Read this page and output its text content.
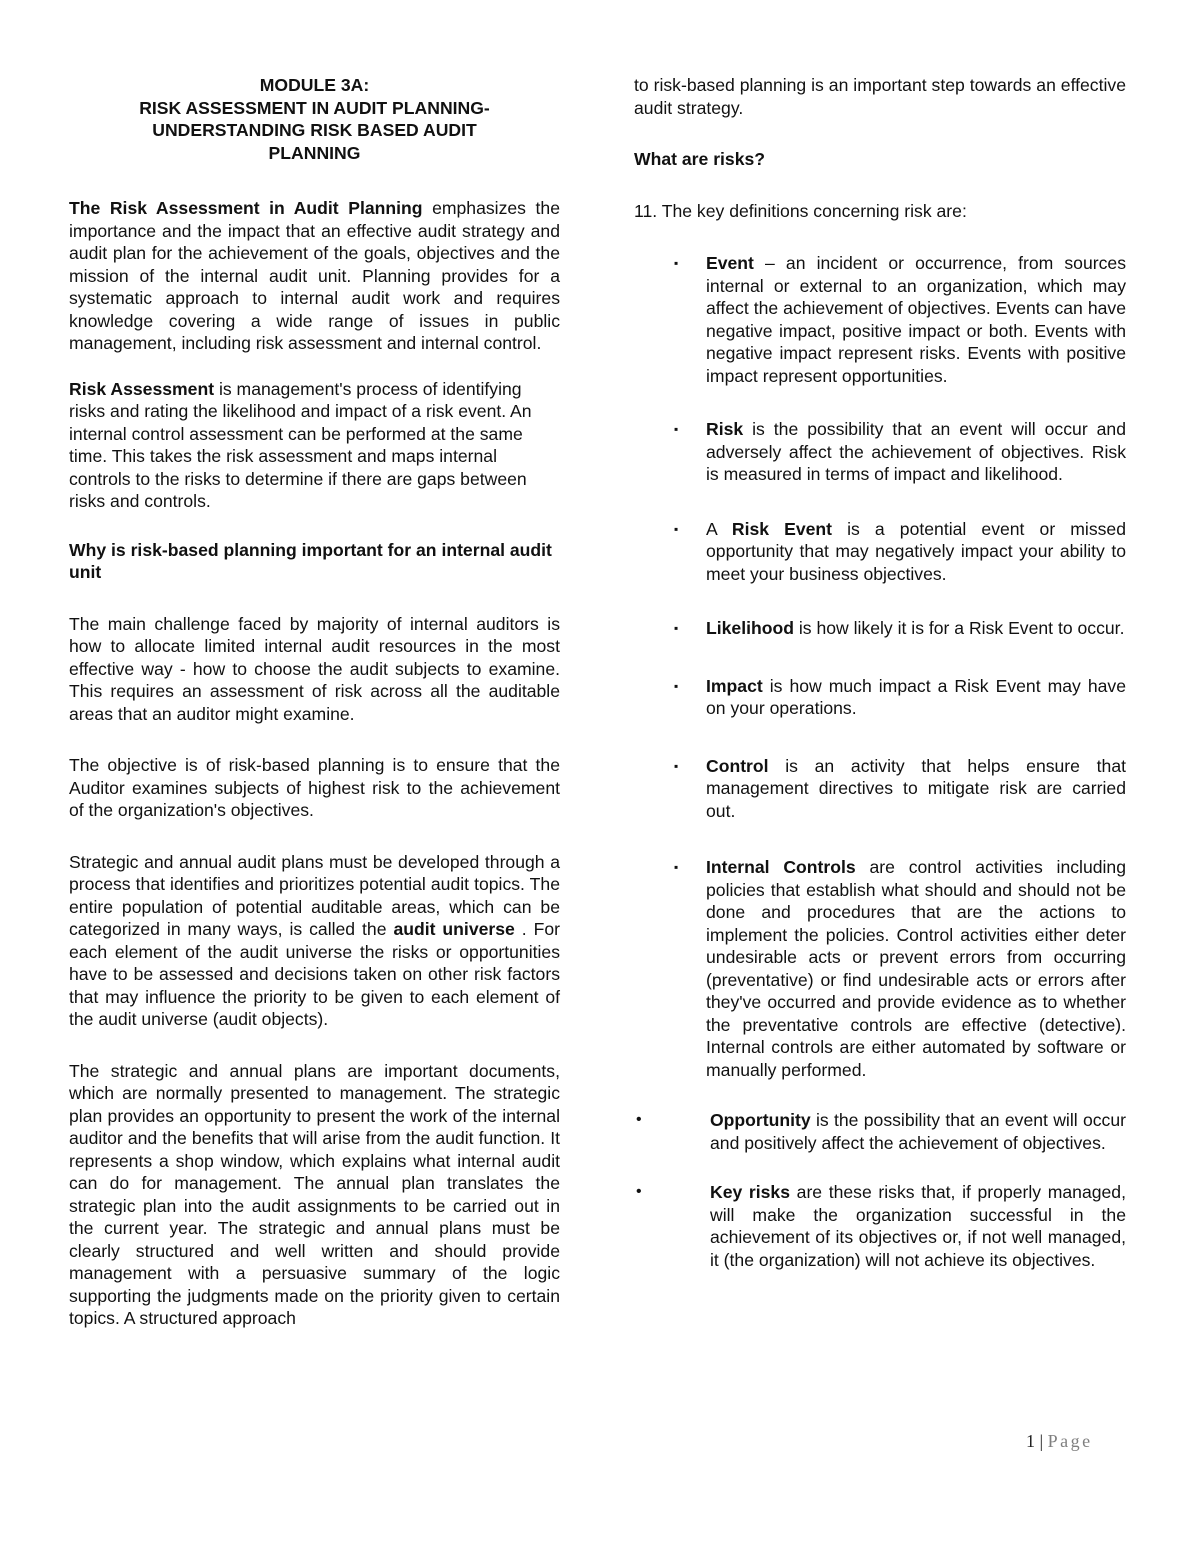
MODULE 3A:
RISK ASSESSMENT IN AUDIT PLANNING-
UNDERSTANDING RISK BASED AUDIT
PLANNING

The Risk Assessment in Audit Planning emphasizes the importance and the impact that an effective audit strategy and audit plan for the achievement of the goals, objectives and the mission of the internal audit unit. Planning provides for a systematic approach to internal audit work and requires knowledge covering a wide range of issues in public management, including risk assessment and internal control.

Risk Assessment is management's process of identifying risks and rating the likelihood and impact of a risk event. An internal control assessment can be performed at the same time. This takes the risk assessment and maps internal controls to the risks to determine if there are gaps between risks and controls.

Why is risk-based planning important for an internal audit unit

The main challenge faced by majority of internal auditors is how to allocate limited internal audit resources in the most effective way - how to choose the audit subjects to examine. This requires an assessment of risk across all the auditable areas that an auditor might examine.

The objective is of risk-based planning is to ensure that the Auditor examines subjects of highest risk to the achievement of the organization's objectives.

Strategic and annual audit plans must be developed through a process that identifies and prioritizes potential audit topics. The entire population of potential auditable areas, which can be categorized in many ways, is called the audit universe . For each element of the audit universe the risks or opportunities have to be assessed and decisions taken on other risk factors that may influence the priority to be given to each element of the audit universe (audit objects).

The strategic and annual plans are important documents, which are normally presented to management. The strategic plan provides an opportunity to present the work of the internal auditor and the benefits that will arise from the audit function. It represents a shop window, which explains what internal audit can do for management. The annual plan translates the strategic plan into the audit assignments to be carried out in the current year. The strategic and annual plans must be clearly structured and well written and should provide management with a persuasive summary of the logic supporting the judgments made on the priority given to certain topics. A structured approach

to risk-based planning is an important step towards an effective audit strategy.

What are risks?

11. The key definitions concerning risk are:

▪ Event – an incident or occurrence, from sources internal or external to an organization, which may affect the achievement of objectives. Events can have negative impact, positive impact or both. Events with negative impact represent risks. Events with positive impact represent opportunities.
▪ Risk is the possibility that an event will occur and adversely affect the achievement of objectives. Risk is measured in terms of impact and likelihood.
▪ A Risk Event is a potential event or missed opportunity that may negatively impact your ability to meet your business objectives.
▪ Likelihood is how likely it is for a Risk Event to occur.
▪ Impact is how much impact a Risk Event may have on your operations.
▪ Control is an activity that helps ensure that management directives to mitigate risk are carried out.
▪ Internal Controls are control activities including policies that establish what should and should not be done and procedures that are the actions to implement the policies. Control activities either deter undesirable acts or prevent errors from occurring (preventative) or find undesirable acts or errors after they've occurred and provide evidence as to whether the preventative controls are effective (detective). Internal controls are either automated by software or manually performed.
•	Opportunity is the possibility that an event will occur and positively affect the achievement of objectives.
•	Key risks are these risks that, if properly managed, will make the organization successful in the achievement of its objectives or, if not well managed, it (the organization) will not achieve its objectives.
1 | Page
